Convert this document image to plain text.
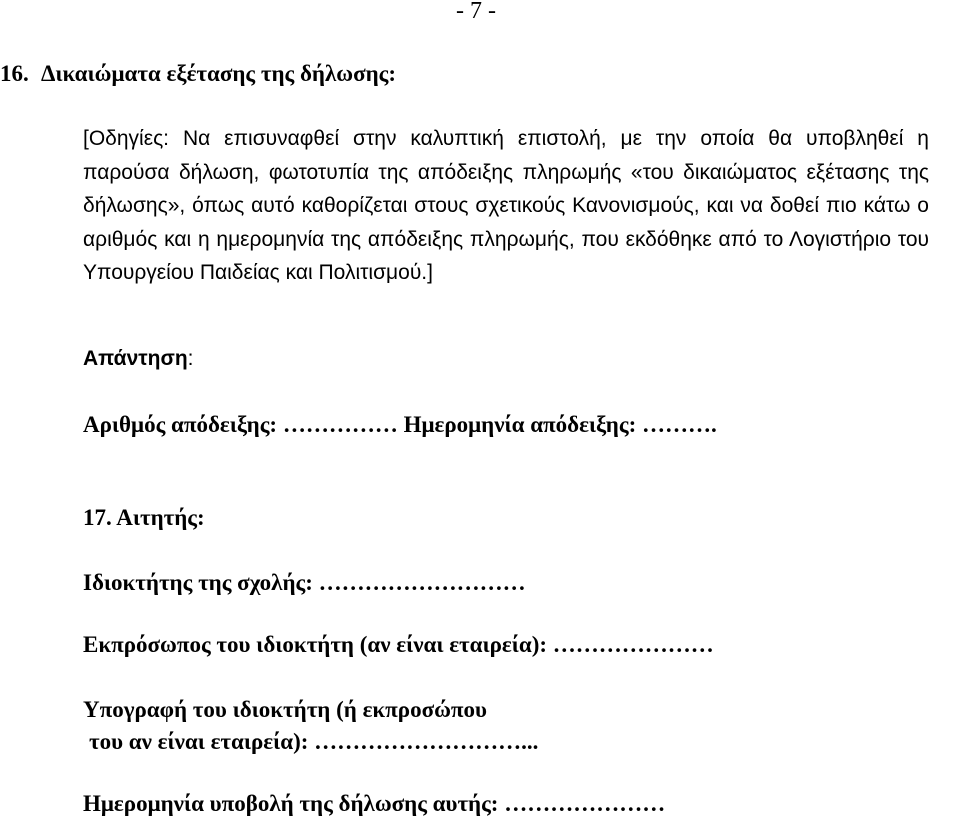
- 7 -
16. Δικαιώματα εξέτασης της δήλωσης:

[Οδηγίες: Να επισυναφθεί στην καλυπτική επιστολή, με την οποία θα υποβληθεί η παρούσα δήλωση, φωτοτυπία της απόδειξης πληρωμής «του δικαιώματος εξέτασης της δήλωσης», όπως αυτό καθορίζεται στους σχετικούς Κανονισμούς, και να δοθεί πιο κάτω ο αριθμός και η ημερομηνία της απόδειξης πληρωμής, που εκδόθηκε από το Λογιστήριο του Υπουργείου Παιδείας και Πολιτισμού.]

Απάντηση:
Αριθμός απόδειξης: …………… Ημερομηνία απόδειξης: ……….
17. Αιτητής:
Ιδιοκτήτης της σχολής: ………………………
Εκπρόσωπος του ιδιοκτήτη (αν είναι εταιρεία): …………………
Υπογραφή του ιδιοκτήτη (ή εκπροσώπου
του αν είναι εταιρεία): ………………………...
Ημερομηνία υποβολή της δήλωσης αυτής: …………………
